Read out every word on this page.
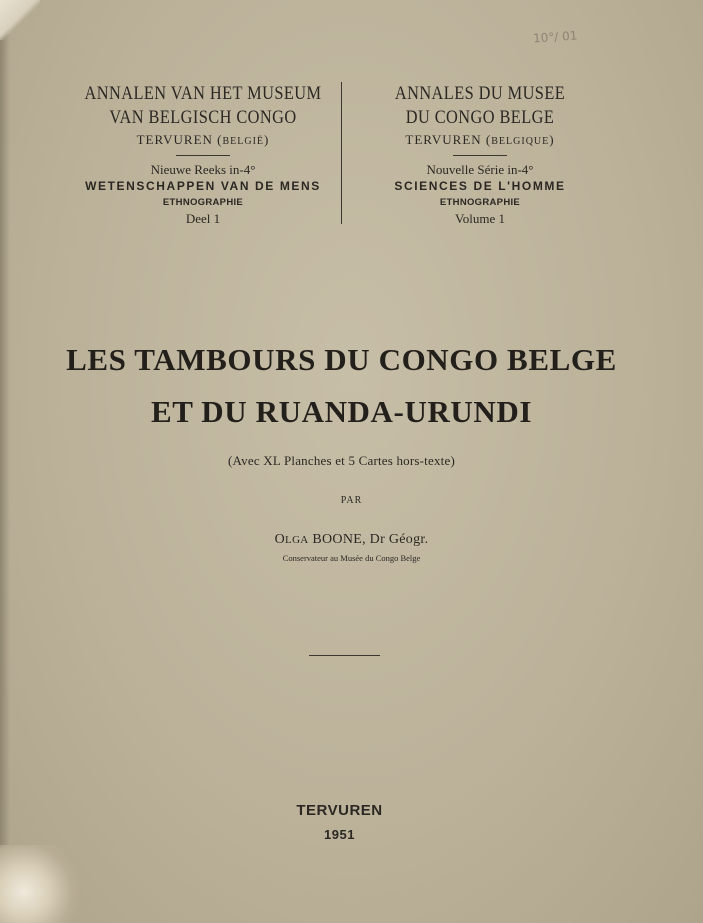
10°/ 01
ANNALEN VAN HET MUSEUM
VAN BELGISCH CONGO
TERVUREN (BELGIË)
Nieuwe Reeks in-4°
WETENSCHAPPEN VAN DE MENS
ETHNOGRAPHIE
Deel 1
ANNALES DU MUSEE
DU CONGO BELGE
TERVUREN (BELGIQUE)
Nouvelle Série in-4°
SCIENCES DE L'HOMME
ETHNOGRAPHIE
Volume 1
LES TAMBOURS DU CONGO BELGE
ET DU RUANDA-URUNDI
(Avec XL Planches et 5 Cartes hors-texte)
PAR
OLGA BOONE, Dr Géogr.
Conservateur au Musée du Congo Belge
TERVUREN
1951
